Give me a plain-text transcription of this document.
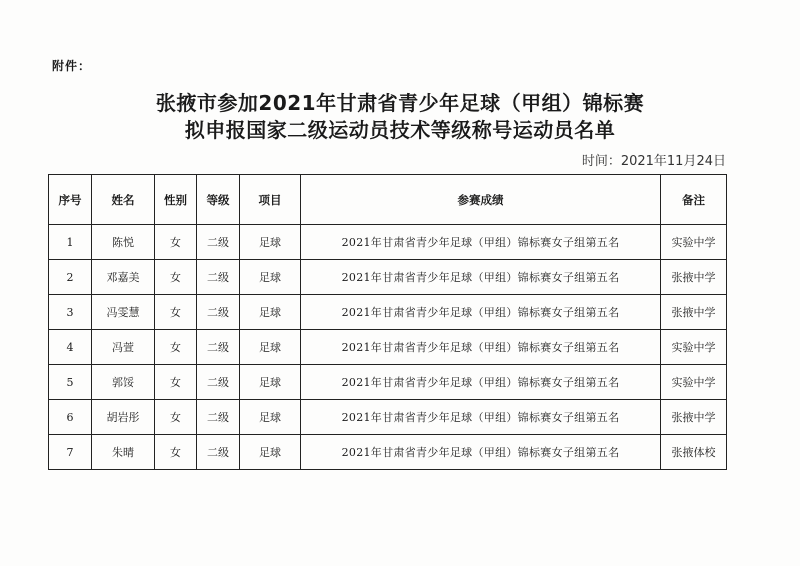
附件：
张掖市参加2021年甘肃省青少年足球（甲组）锦标赛
拟申报国家二级运动员技术等级称号运动员名单
时间：2021年11月24日
序号	姓名	性别	等级	项目	参赛成绩	备注
1	陈悦	女	二级	足球	2021年甘肃省青少年足球（甲组）锦标赛女子组第五名	实验中学
2	邓嘉美	女	二级	足球	2021年甘肃省青少年足球（甲组）锦标赛女子组第五名	张掖中学
3	冯雯慧	女	二级	足球	2021年甘肃省青少年足球（甲组）锦标赛女子组第五名	张掖中学
4	冯萱	女	二级	足球	2021年甘肃省青少年足球（甲组）锦标赛女子组第五名	实验中学
5	郭馁	女	二级	足球	2021年甘肃省青少年足球（甲组）锦标赛女子组第五名	实验中学
6	胡岩彤	女	二级	足球	2021年甘肃省青少年足球（甲组）锦标赛女子组第五名	张掖中学
7	朱晴	女	二级	足球	2021年甘肃省青少年足球（甲组）锦标赛女子组第五名	张掖体校
